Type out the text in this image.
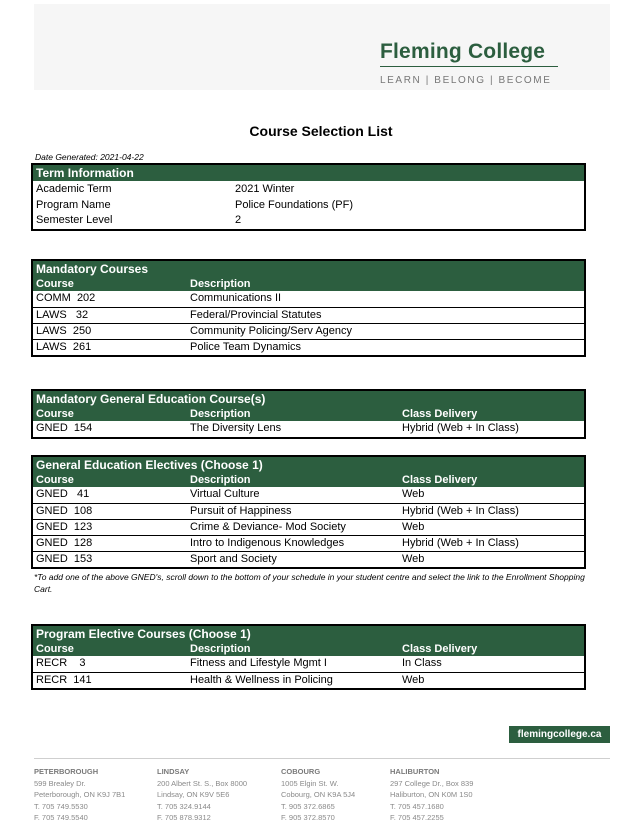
Fleming College
LEARN | BELONG | BECOME
Course Selection List
Date Generated: 2021-04-22
Term Information
Academic Term	2021 Winter
Program Name	Police Foundations (PF)
Semester Level	2
Mandatory Courses
Course	Description
COMM  202	Communications II
LAWS   32	Federal/Provincial Statutes
LAWS  250	Community Policing/Serv Agency
LAWS  261	Police Team Dynamics
Mandatory General Education Course(s)
Course	Description	Class Delivery
GNED  154	The Diversity Lens	Hybrid (Web + In Class)
General Education Electives (Choose 1)
Course	Description	Class Delivery
GNED   41	Virtual Culture	Web
GNED  108	Pursuit of Happiness	Hybrid (Web + In Class)
GNED  123	Crime & Deviance- Mod Society	Web
GNED  128	Intro to Indigenous Knowledges	Hybrid (Web + In Class)
GNED  153	Sport and Society	Web
*To add one of the above GNED's, scroll down to the bottom of your schedule in your student centre and select the link to the Enrollment Shopping Cart.
Program Elective Courses (Choose 1)
Course	Description	Class Delivery
RECR    3	Fitness and Lifestyle Mgmt I	In Class
RECR  141	Health & Wellness in Policing	Web
flemingcollege.ca
PETERBOROUGH
599 Brealey Dr.
Peterborough, ON K9J 7B1
T. 705 749.5530
F. 705 749.5540
LINDSAY
200 Albert St. S., Box 8000
Lindsay, ON K9V 5E6
T. 705 324.9144
F. 705 878.9312
COBOURG
1005 Elgin St. W.
Cobourg, ON K9A 5J4
T. 905 372.6865
F. 905 372.8570
HALIBURTON
297 College Dr., Box 839
Haliburton, ON K0M 1S0
T. 705 457.1680
F. 705 457.2255
